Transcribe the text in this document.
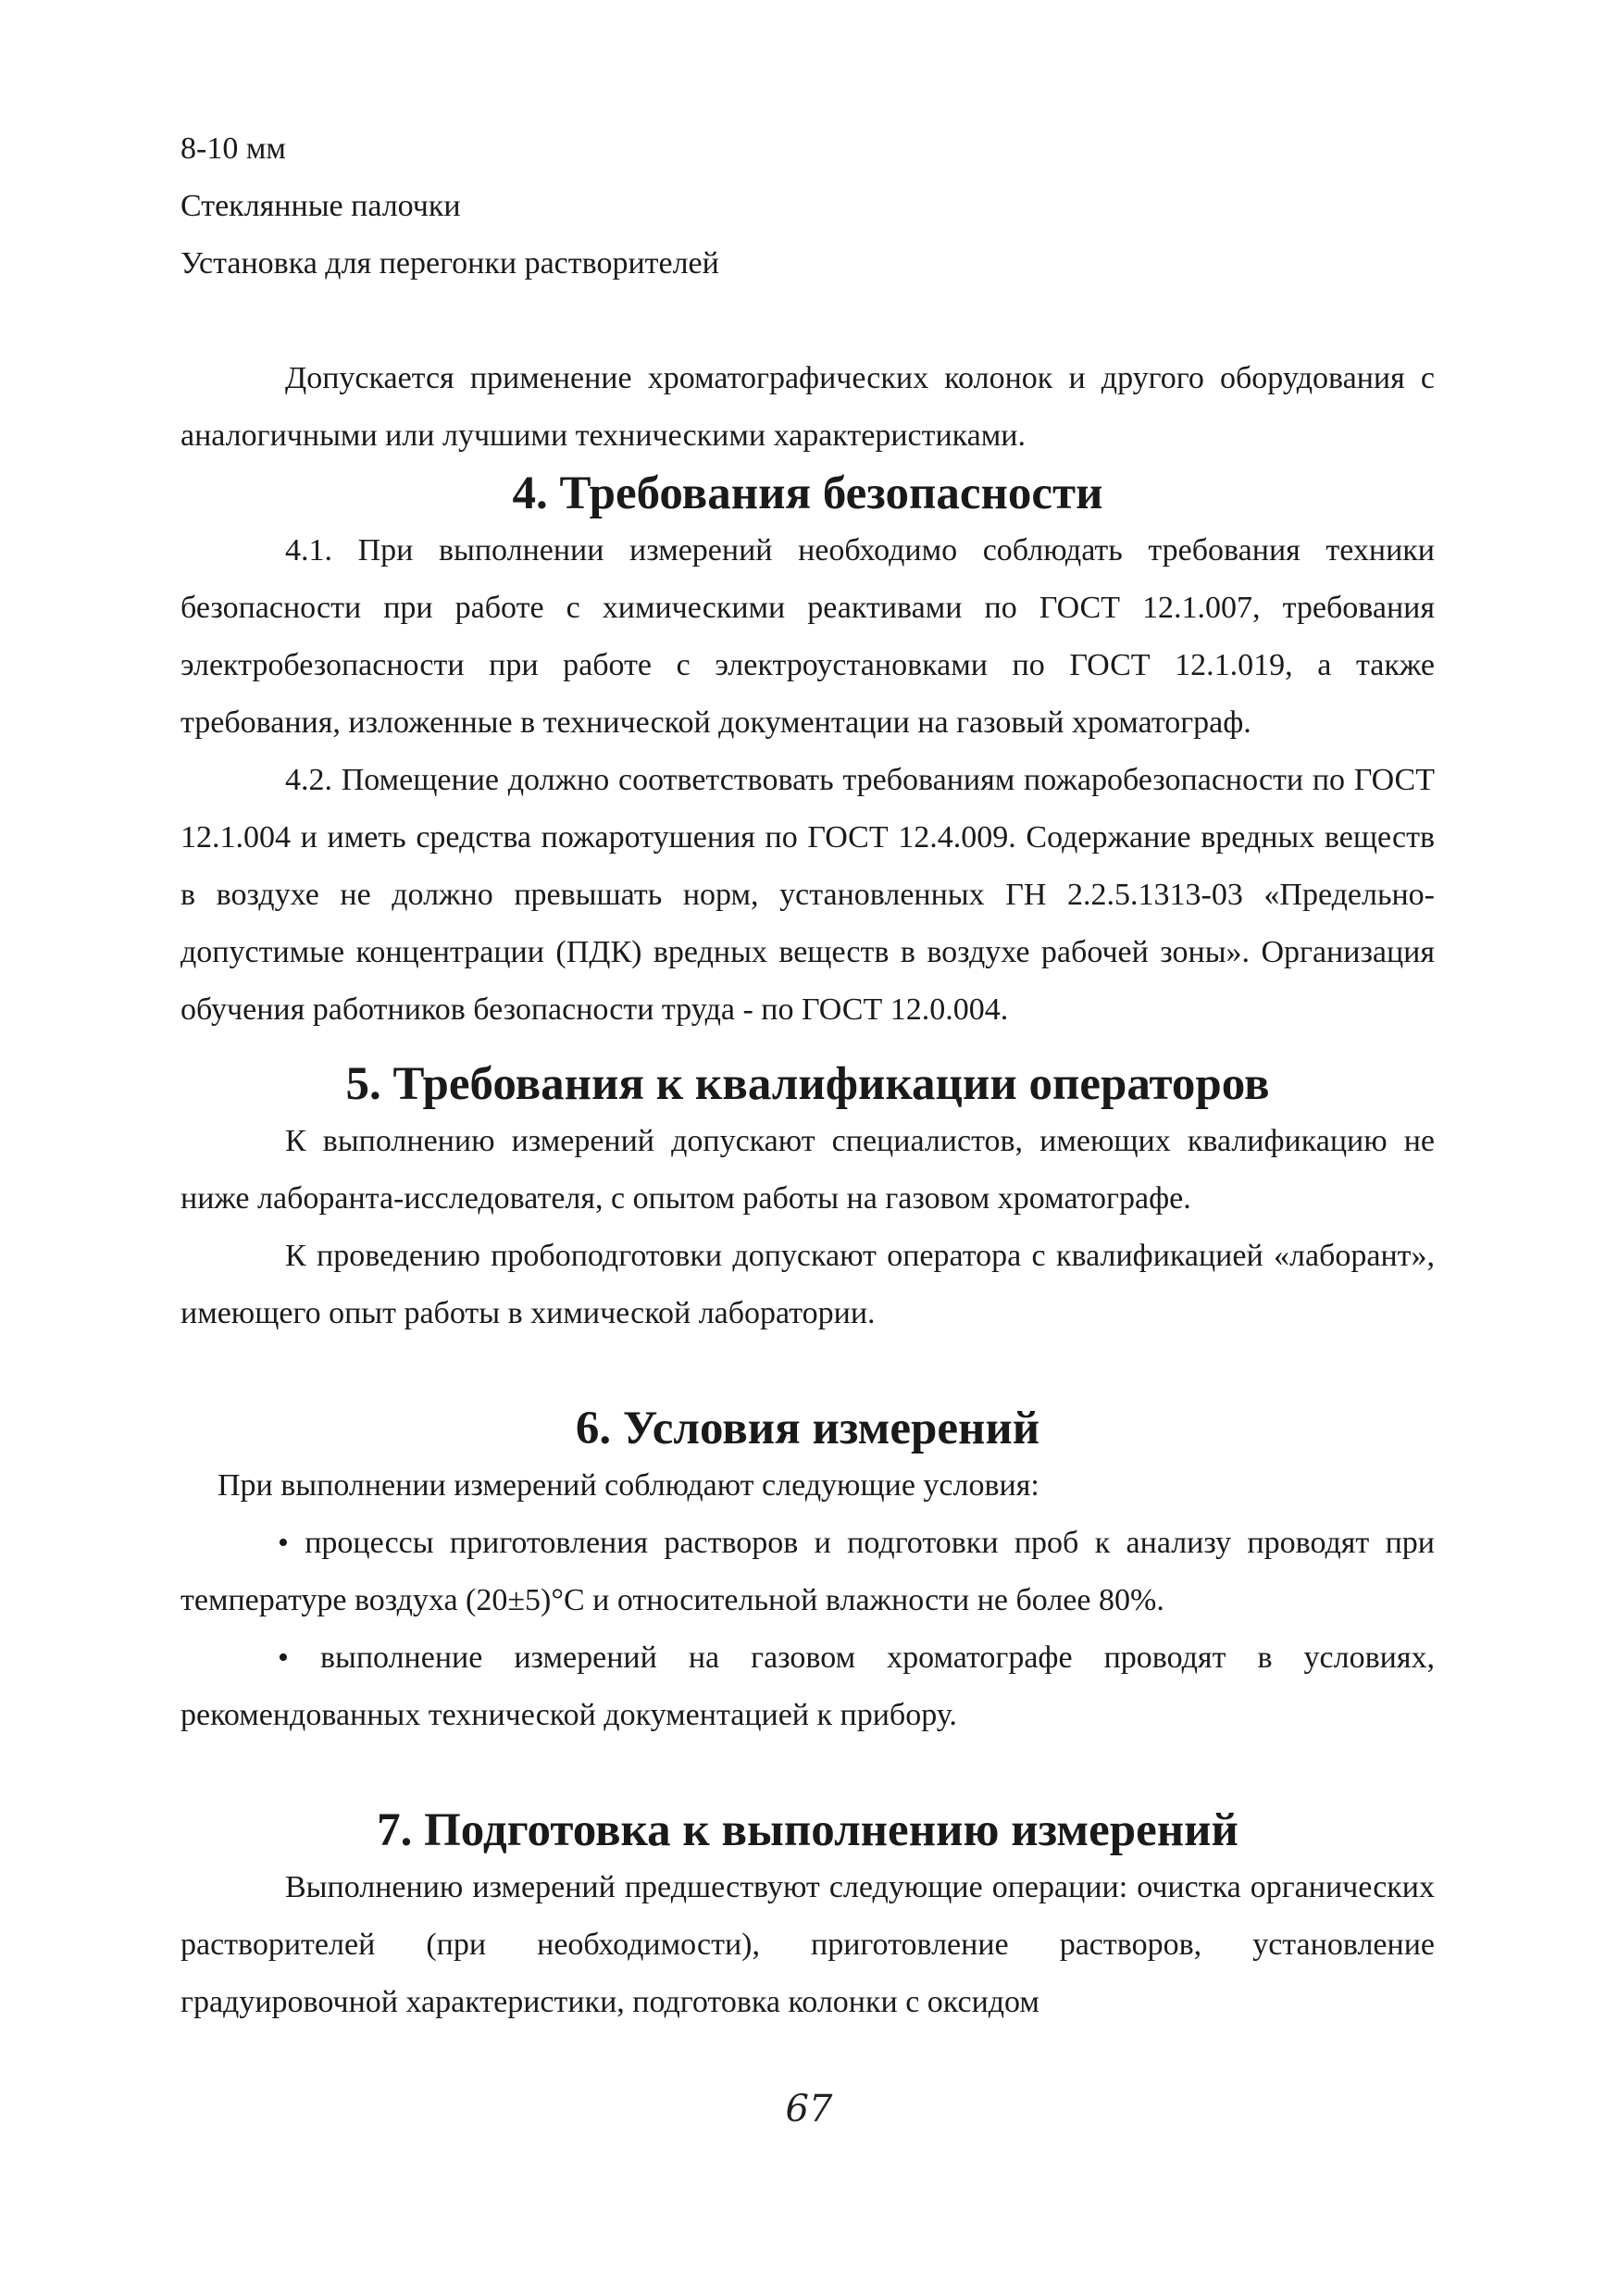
8-10 мм

Стеклянные палочки

Установка для перегонки растворителей

Допускается применение хроматографических колонок и другого оборудования с аналогичными или лучшими техническими характеристиками.

4. Требования безопасности

4.1. При выполнении измерений необходимо соблюдать требования техники безопасности при работе с химическими реактивами по ГОСТ 12.1.007, требования электробезопасности при работе с электроустановками по ГОСТ 12.1.019, а также требования, изложенные в технической документации на газовый хроматограф.

4.2. Помещение должно соответствовать требованиям пожаробезопасности по ГОСТ 12.1.004 и иметь средства пожаротушения по ГОСТ 12.4.009. Содержание вредных веществ в воздухе не должно превышать норм, установленных ГН 2.2.5.1313-03 «Предельно-допустимые концентрации (ПДК) вредных веществ в воздухе рабочей зоны». Организация обучения работников безопасности труда - по ГОСТ 12.0.004.

5. Требования к квалификации операторов

К выполнению измерений допускают специалистов, имеющих квалификацию не ниже лаборанта-исследователя, с опытом работы на газовом хроматографе.

К проведению пробоподготовки допускают оператора с квалификацией «лаборант», имеющего опыт работы в химической лаборатории.

6. Условия измерений

При выполнении измерений соблюдают следующие условия:

• процессы приготовления растворов и подготовки проб к анализу проводят при температуре воздуха (20±5)°С и относительной влажности не более 80%.

• выполнение измерений на газовом хроматографе проводят в условиях, рекомендованных технической документацией к прибору.

7. Подготовка к выполнению измерений

Выполнению измерений предшествуют следующие операции: очистка органических растворителей (при необходимости), приготовление растворов, установление градуировочной характеристики, подготовка колонки с оксидом

67
